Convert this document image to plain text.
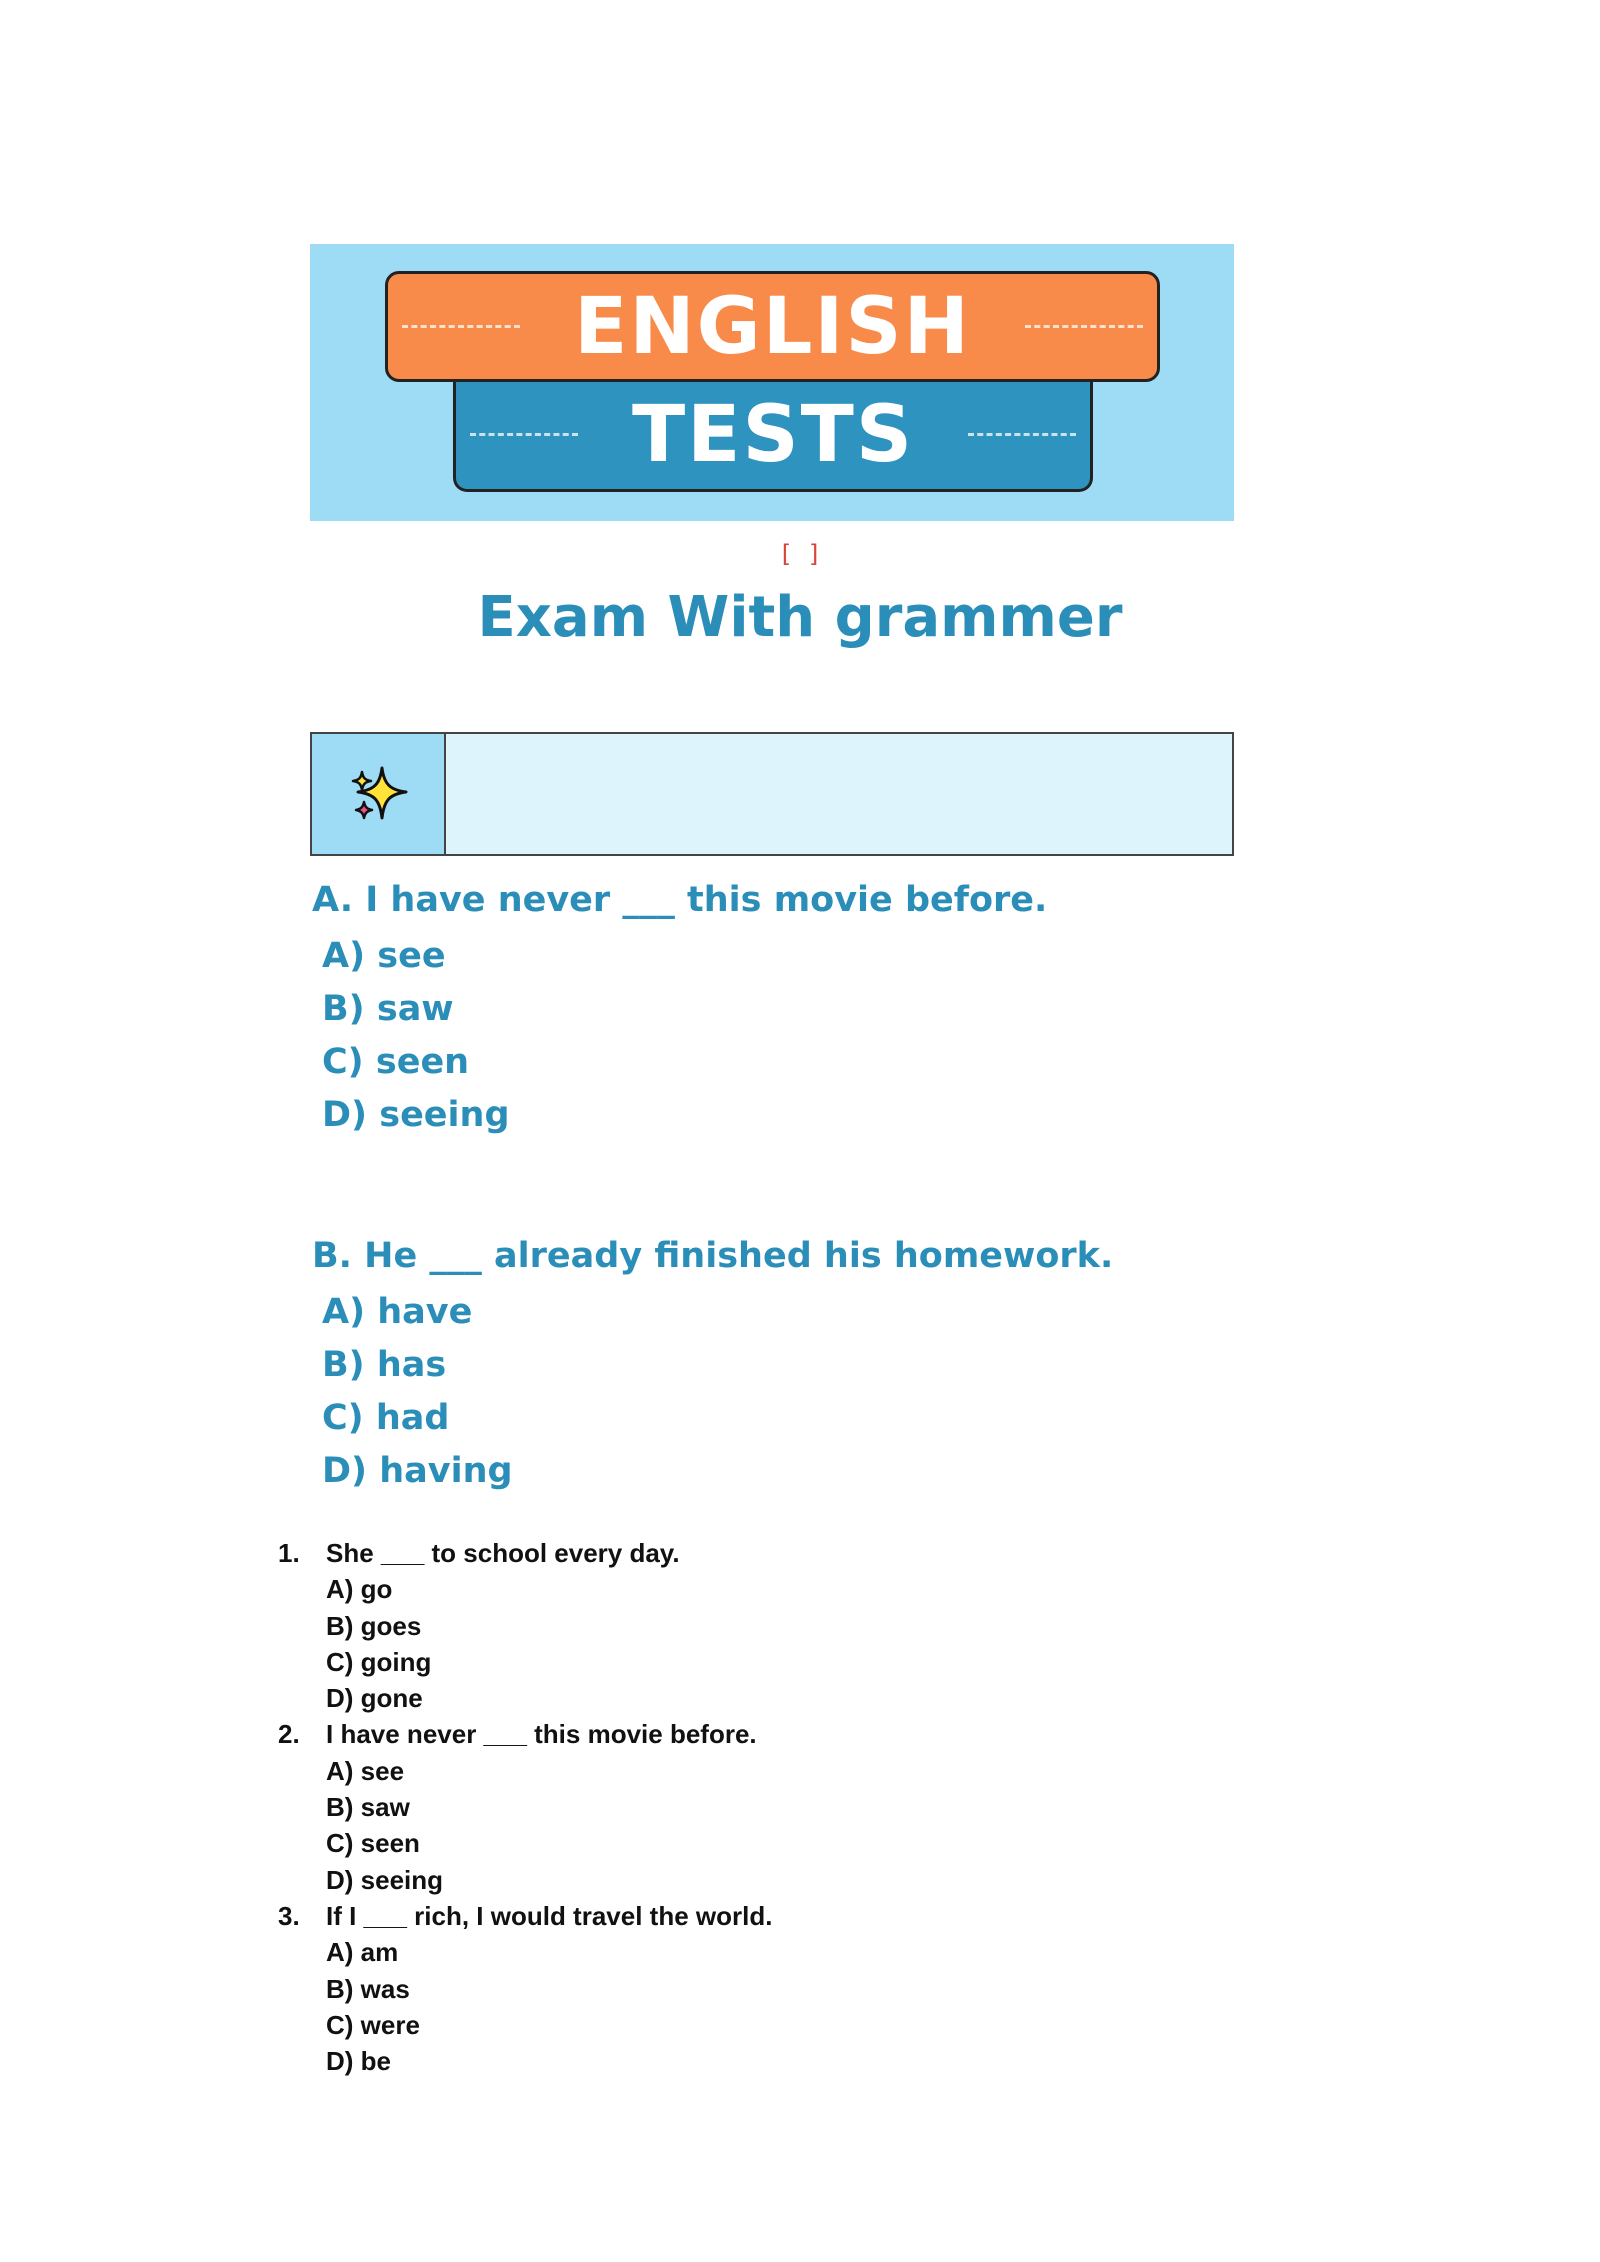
ENGLISH
TESTS
[ ]
Exam With grammer
A. I have never ___ this movie before.
A) see
B) saw
C) seen
D) seeing
B. He ___ already finished his homework.
A) have
B) has
C) had
D) having
1. She ___ to school every day.
A) go
B) goes
C) going
D) gone
2. I have never ___ this movie before.
A) see
B) saw
C) seen
D) seeing
3. If I ___ rich, I would travel the world.
A) am
B) was
C) were
D) be
